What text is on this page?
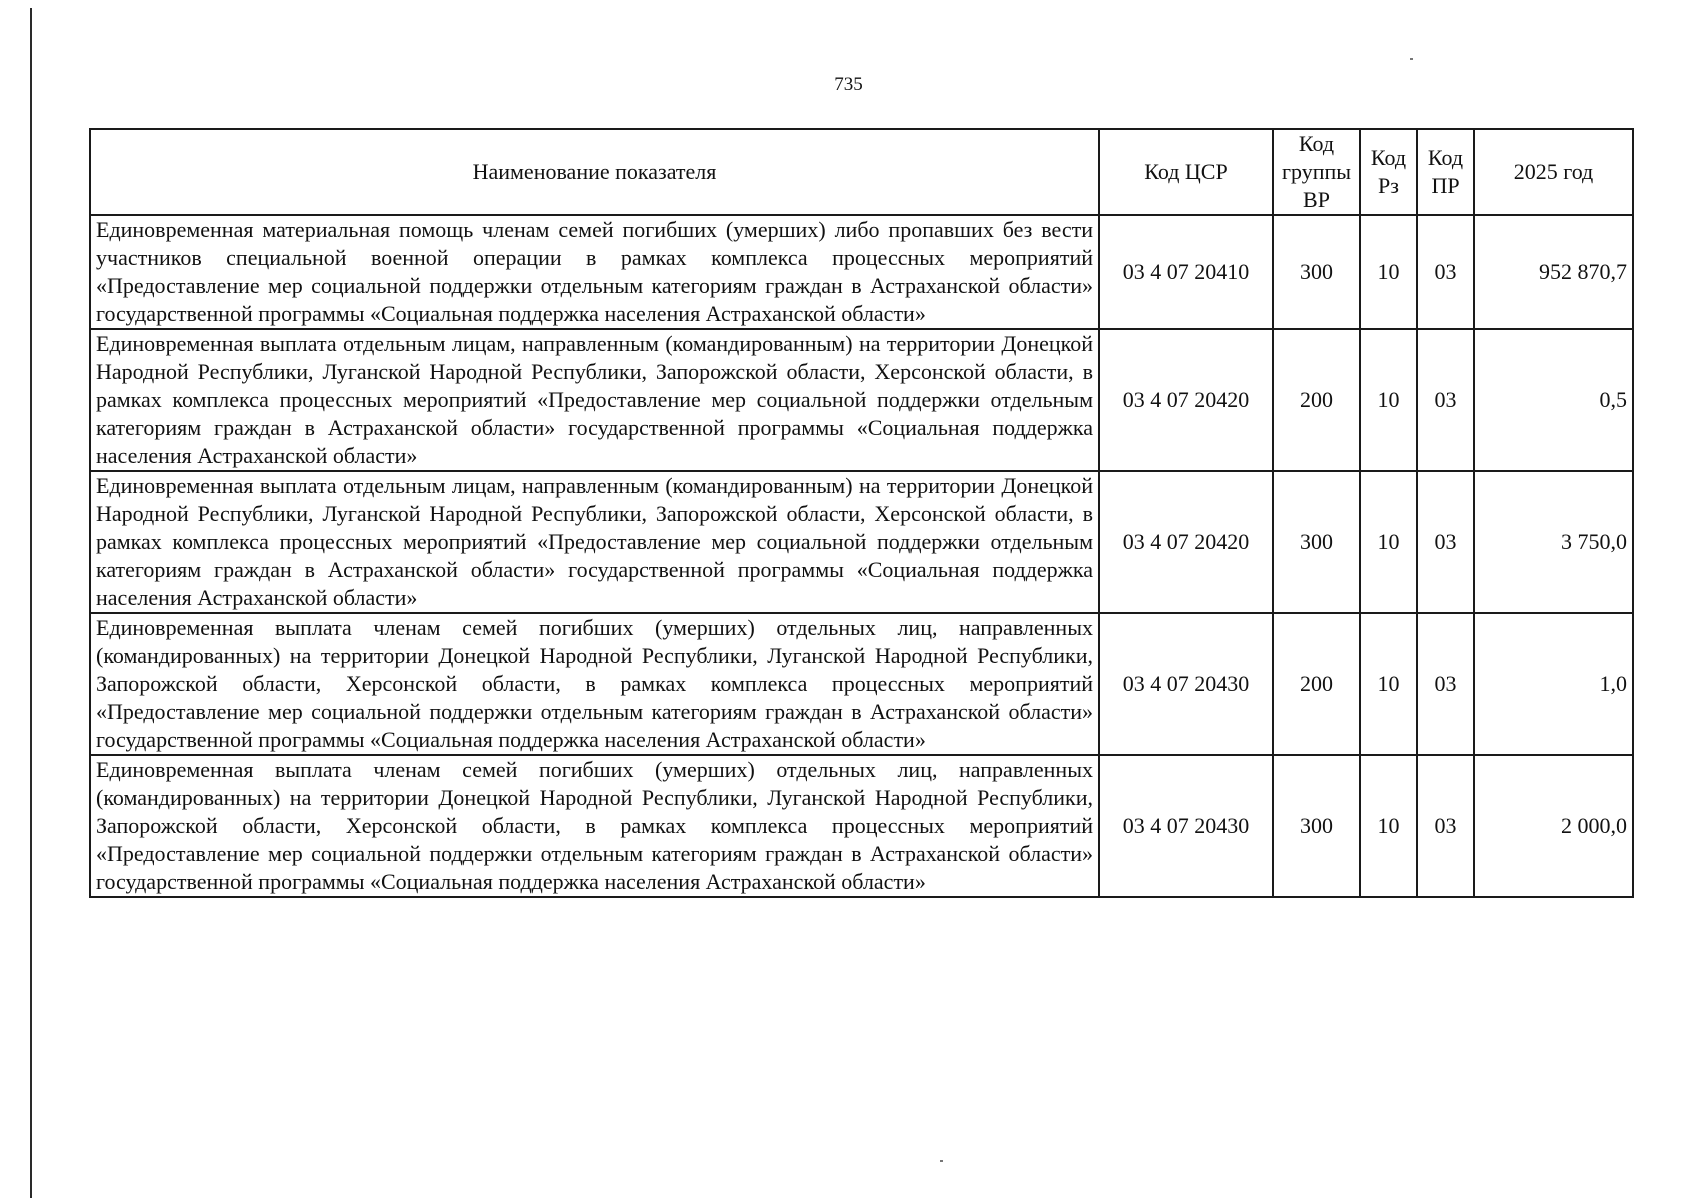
735
Наименование показателя	Код ЦСР	Код группы ВР	Код Рз	Код ПР	2025 год
Единовременная материальная помощь членам семей погибших (умерших) либо пропавших без вести участников специальной военной операции в рамках комплекса процессных мероприятий «Предоставление мер социальной поддержки отдельным категориям граждан в Астраханской области» государственной программы «Социальная поддержка населения Астраханской области»	03 4 07 20410	300	10	03	952 870,7
Единовременная выплата отдельным лицам, направленным (командированным) на территории Донецкой Народной Республики, Луганской Народной Республики, Запорожской области, Херсонской области, в рамках комплекса процессных мероприятий «Предоставление мер социальной поддержки отдельным категориям граждан в Астраханской области» государственной программы «Социальная поддержка населения Астраханской области»	03 4 07 20420	200	10	03	0,5
Единовременная выплата отдельным лицам, направленным (командированным) на территории Донецкой Народной Республики, Луганской Народной Республики, Запорожской области, Херсонской области, в рамках комплекса процессных мероприятий «Предоставление мер социальной поддержки отдельным категориям граждан в Астраханской области» государственной программы «Социальная поддержка населения Астраханской области»	03 4 07 20420	300	10	03	3 750,0
Единовременная выплата членам семей погибших (умерших) отдельных лиц, направленных (командированных) на территории Донецкой Народной Республики, Луганской Народной Республики, Запорожской области, Херсонской области, в рамках комплекса процессных мероприятий «Предоставление мер социальной поддержки отдельным категориям граждан в Астраханской области» государственной программы «Социальная поддержка населения Астраханской области»	03 4 07 20430	200	10	03	1,0
Единовременная выплата членам семей погибших (умерших) отдельных лиц, направленных (командированных) на территории Донецкой Народной Республики, Луганской Народной Республики, Запорожской области, Херсонской области, в рамках комплекса процессных мероприятий «Предоставление мер социальной поддержки отдельным категориям граждан в Астраханской области» государственной программы «Социальная поддержка населения Астраханской области»	03 4 07 20430	300	10	03	2 000,0
